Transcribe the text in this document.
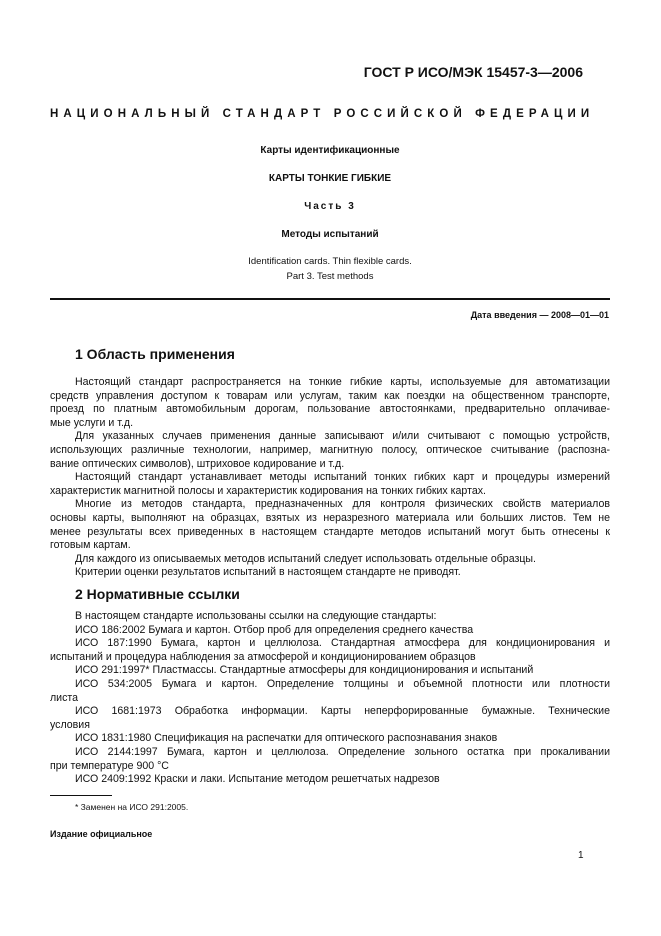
ГОСТ Р ИСО/МЭК 15457-3—2006
НАЦИОНАЛЬНЫЙ СТАНДАРТ РОССИЙСКОЙ ФЕДЕРАЦИИ
Карты идентификационные
КАРТЫ ТОНКИЕ ГИБКИЕ
Часть 3
Методы испытаний
Identification cards. Thin flexible cards.
Part 3. Test methods
Дата введения — 2008—01—01
1 Область применения
Настоящий стандарт распространяется на тонкие гибкие карты, используемые для автоматизации
средств управления доступом к товарам или услугам, таким как поездки на общественном транспорте,
проезд по платным автомобильным дорогам, пользование автостоянками, предварительно оплачивае-
мые услуги и т.д.
Для указанных случаев применения данные записывают и/или считывают с помощью устройств,
использующих различные технологии, например, магнитную полосу, оптическое считывание (распозна-
вание оптических символов), штриховое кодирование и т.д.
Настоящий стандарт устанавливает методы испытаний тонких гибких карт и процедуры измерений
характеристик магнитной полосы и характеристик кодирования на тонких гибких картах.
Многие из методов стандарта, предназначенных для контроля физических свойств материалов
основы карты, выполняют на образцах, взятых из неразрезного материала или больших листов. Тем не
менее результаты всех приведенных в настоящем стандарте методов испытаний могут быть отнесены к
готовым картам.
Для каждого из описываемых методов испытаний следует использовать отдельные образцы.
Критерии оценки результатов испытаний в настоящем стандарте не приводят.
2 Нормативные ссылки
В настоящем стандарте использованы ссылки на следующие стандарты:
ИСО 186:2002 Бумага и картон. Отбор проб для определения среднего качества
ИСО 187:1990 Бумага, картон и целлюлоза. Стандартная атмосфера для кондиционирования и
испытаний и процедура наблюдения за атмосферой и кондиционированием образцов
ИСО 291:1997* Пластмассы. Стандартные атмосферы для кондиционирования и испытаний
ИСО 534:2005 Бумага и картон. Определение толщины и объемной плотности или плотности
листа
ИСО 1681:1973 Обработка информации. Карты неперфорированные бумажные. Технические
условия
ИСО 1831:1980 Спецификация на распечатки для оптического распознавания знаков
ИСО 2144:1997 Бумага, картон и целлюлоза. Определение зольного остатка при прокаливании
при температуре 900 °С
ИСО 2409:1992 Краски и лаки. Испытание методом решетчатых надрезов
* Заменен на ИСО 291:2005.
Издание официальное
1
